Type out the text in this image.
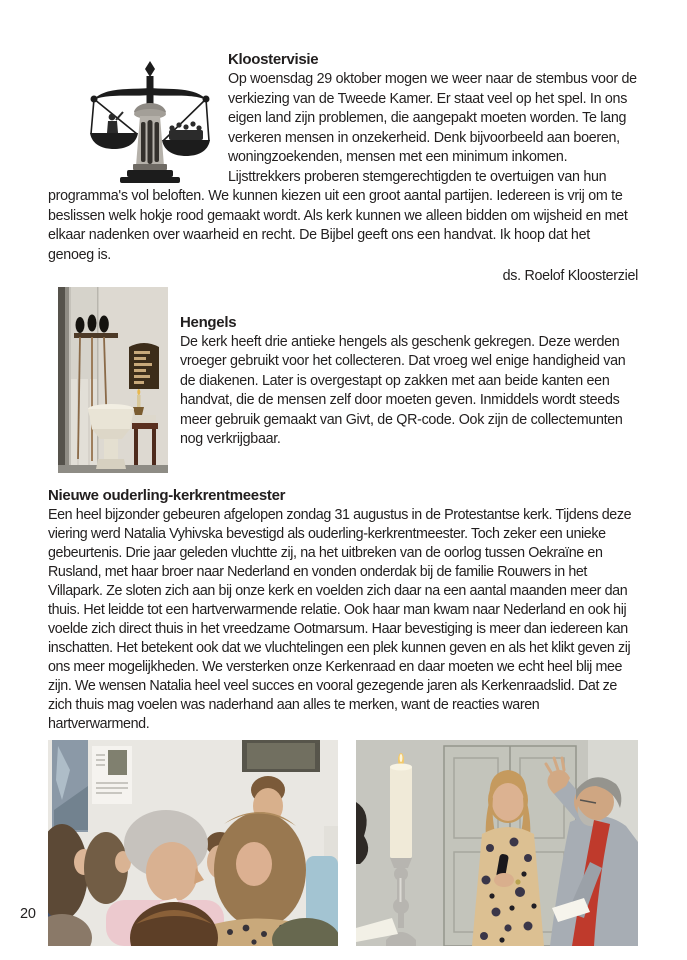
Kloostervisie

Op woensdag 29 oktober mogen we weer naar de stembus voor de verkiezing van de Tweede Kamer. Er staat veel op het spel. In ons eigen land zijn problemen, die aangepakt moeten worden. Te lang verkeren mensen in onzekerheid. Denk bijvoorbeeld aan boeren, woningzoekenden, mensen met een minimum inkomen. Lijsttrekkers proberen stemgerechtigden te overtuigen van hun programma's vol beloften. We kunnen kiezen uit een groot aantal partijen. Iedereen is vrij om te beslissen welk hokje rood gemaakt wordt. Als kerk kunnen we alleen bidden om wijsheid en met elkaar nadenken over waarheid en recht. De Bijbel geeft ons een handvat. Ik hoop dat het genoeg is.

ds. Roelof Kloosterziel

Hengels

De kerk heeft drie antieke hengels als geschenk gekregen. Deze werden vroeger gebruikt voor het collecteren. Dat vroeg wel enige handigheid van de diakenen. Later is overgestapt op zakken met aan beide kanten een handvat, die de mensen zelf door moeten geven. Inmiddels wordt steeds meer gebruik gemaakt van Givt, de QR-code. Ook zijn de collectemunten nog verkrijgbaar.

Nieuwe ouderling-kerkrentmeester

Een heel bijzonder gebeuren afgelopen zondag 31 augustus in de Protestantse kerk. Tijdens deze viering werd Natalia Vyhivska bevestigd als ouderling-kerkrentmeester. Toch zeker een unieke gebeurtenis. Drie jaar geleden vluchtte zij, na het uitbreken van de oorlog tussen Oekraïne en Rusland, met haar broer naar Nederland en vonden onderdak bij de familie Rouwers in het Villapark. Ze sloten zich aan bij onze kerk en voelden zich daar na een aantal maanden meer dan thuis. Het leidde tot een hartverwarmende relatie. Ook haar man kwam naar Nederland en ook hij voelde zich direct thuis in het vreedzame Ootmarsum. Haar bevestiging is meer dan iedereen kan inschatten. Het betekent ook dat we vluchtelingen een plek kunnen geven en als het klikt geven zij ons meer mogelijkheden. We versterken onze Kerkenraad en daar moeten we echt heel blij mee zijn. We wensen Natalia heel veel succes en vooral gezegende jaren als Kerkenraadslid. Dat ze zich thuis mag voelen was naderhand aan alles te merken, want de reacties waren hartverwarmend.

20
